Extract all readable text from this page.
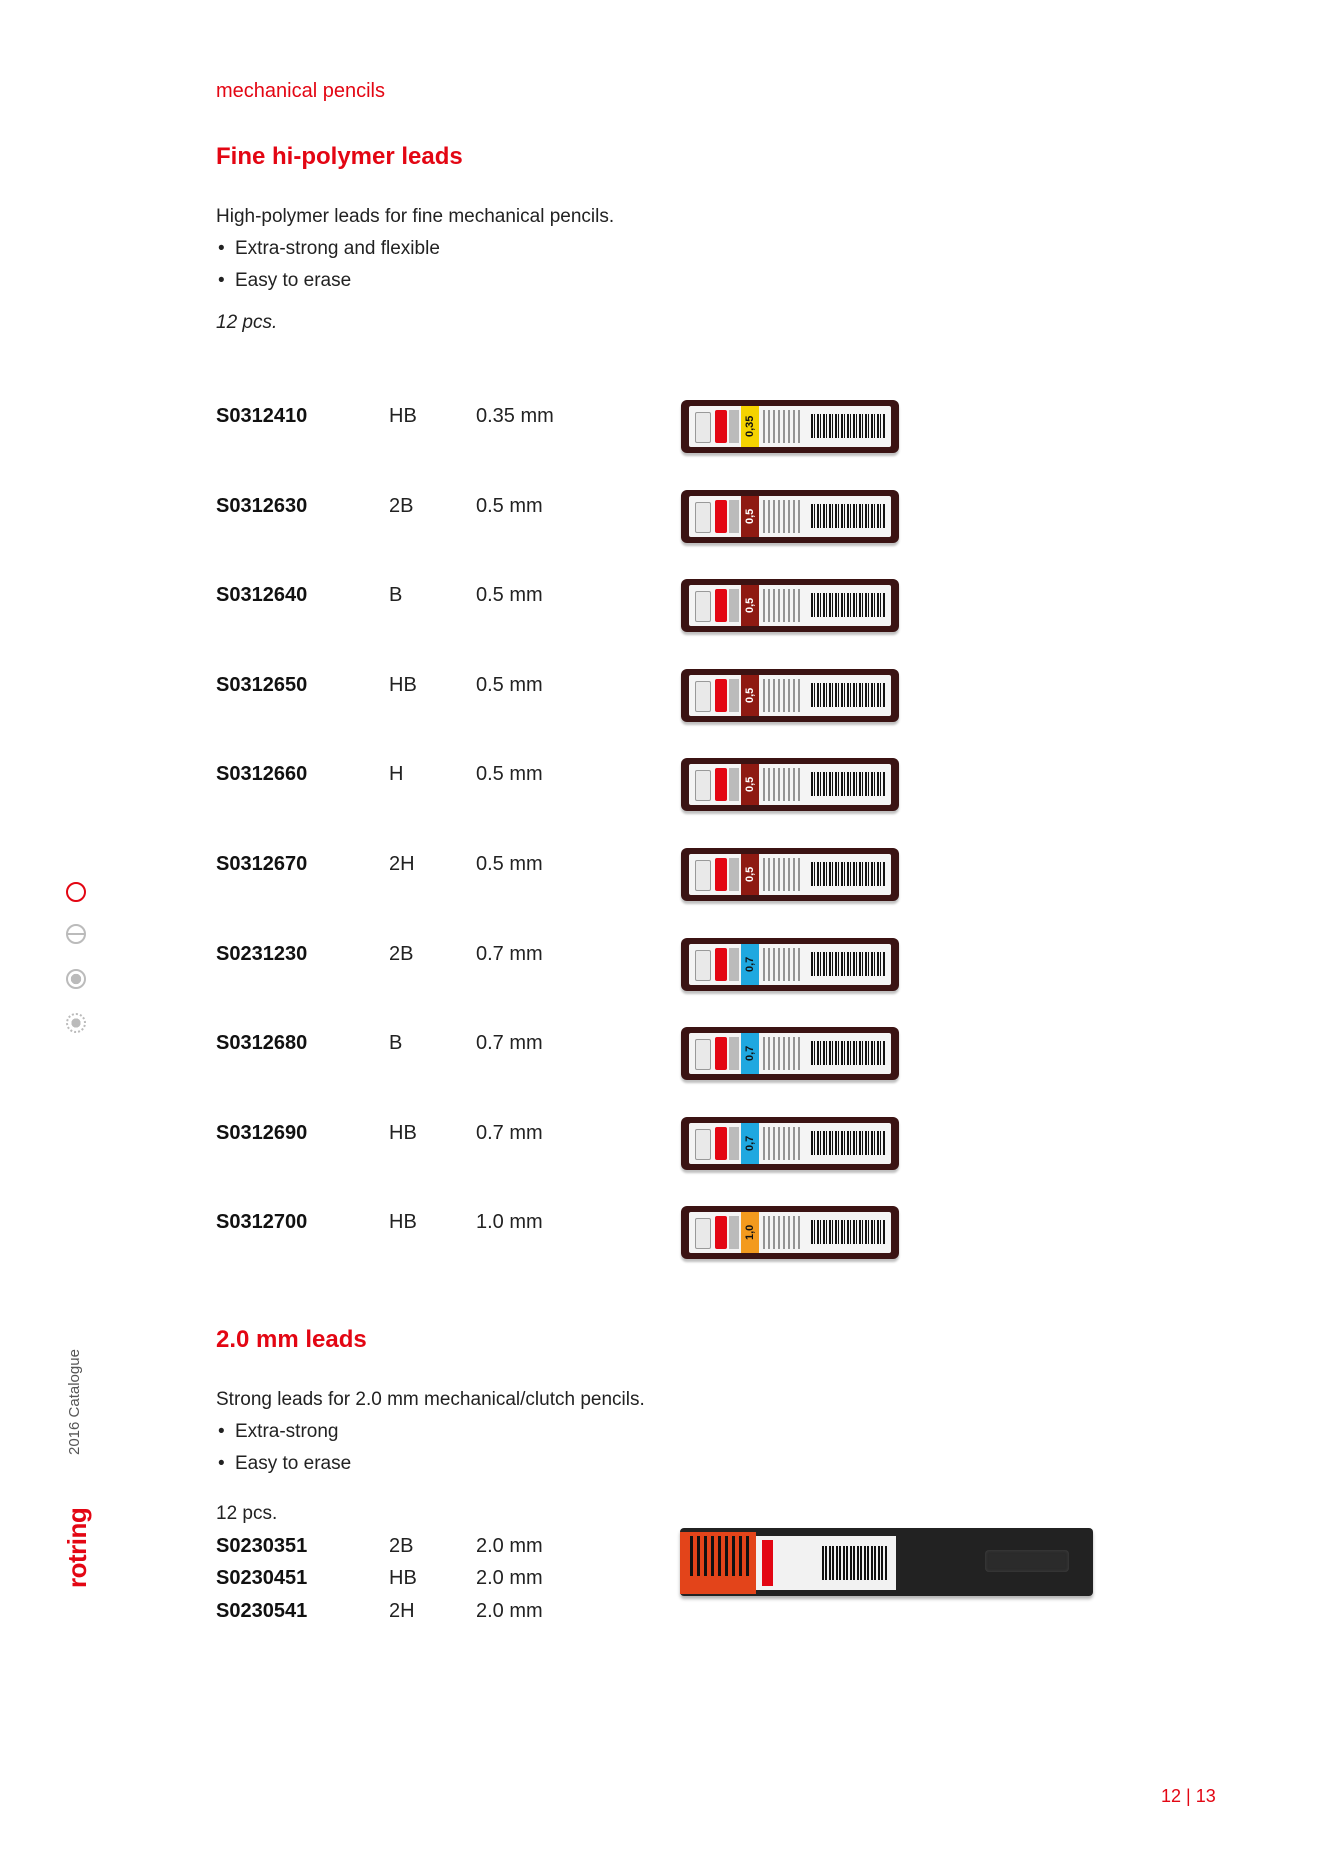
mechanical pencils
Fine hi-polymer leads
High-polymer leads for fine mechanical pencils.
• Extra-strong and flexible
• Easy to erase
12 pcs.
S0312410	HB	0.35 mm	0,35
S0312630	2B	0.5 mm	0,5
S0312640	B	0.5 mm	0,5
S0312650	HB	0.5 mm	0,5
S0312660	H	0.5 mm	0,5
S0312670	2H	0.5 mm	0,5
S0231230	2B	0.7 mm	0,7
S0312680	B	0.7 mm	0,7
S0312690	HB	0.7 mm	0,7
S0312700	HB	1.0 mm	1,0
2.0 mm leads
Strong leads for 2.0 mm mechanical/clutch pencils.
• Extra-strong
• Easy to erase
12 pcs.
S0230351	2B	2.0 mm
S0230451	HB	2.0 mm
S0230541	2H	2.0 mm
2016 Catalogue
rotring
12 | 13
